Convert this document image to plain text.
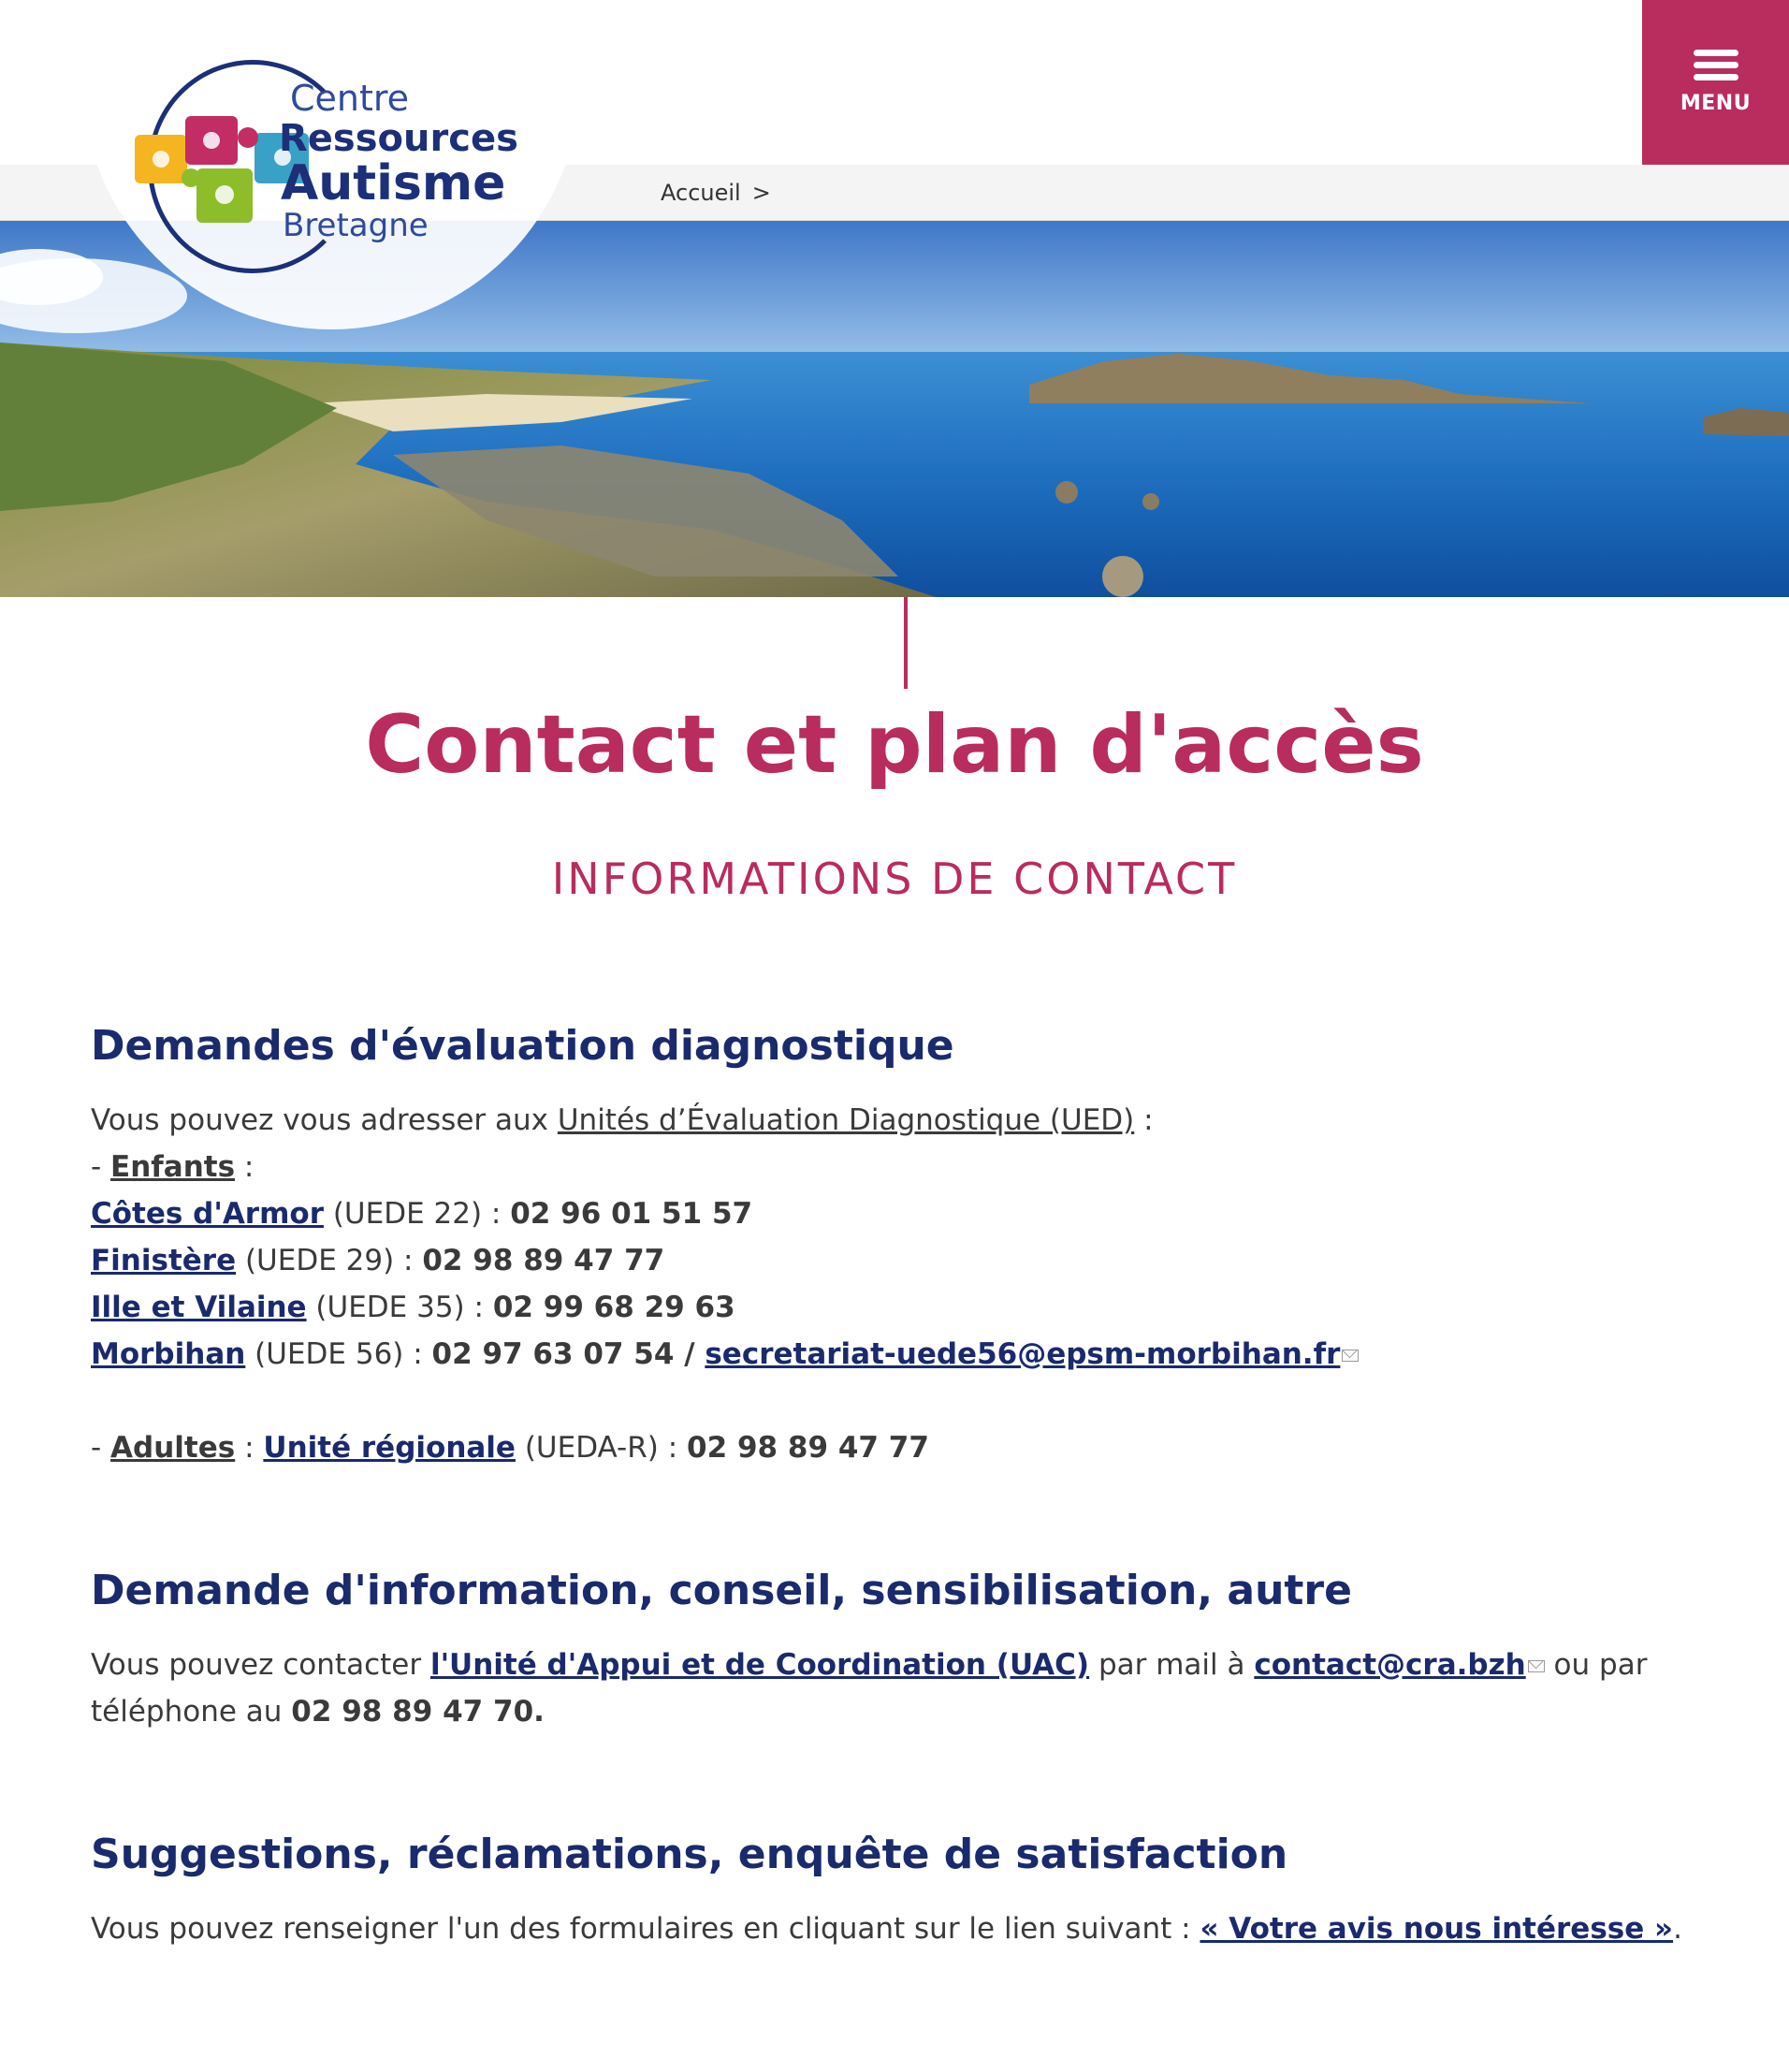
Centre
Ressources
Autisme
Bretagne
Accueil >
MENU
Contact et plan d'accès
INFORMATIONS DE CONTACT
Demandes d'évaluation diagnostique

Vous pouvez vous adresser aux Unités d’Évaluation Diagnostique (UED) :

- Enfants :

Côtes d'Armor (UEDE 22) : 02 96 01 51 57

Finistère (UEDE 29) : 02 98 89 47 77

Ille et Vilaine (UEDE 35) : 02 99 68 29 63

Morbihan (UEDE 56) : 02 97 63 07 54 / secretariat-uede56@epsm-morbihan.fr

- Adultes : Unité régionale (UEDA-R) : 02 98 89 47 77

Demande d'information, conseil, sensibilisation, autre

Vous pouvez contacter l'Unité d'Appui et de Coordination (UAC) par mail à contact@cra.bzh ou par téléphone au 02 98 89 47 70.

Suggestions, réclamations, enquête de satisfaction

Vous pouvez renseigner l'un des formulaires en cliquant sur le lien suivant : « Votre avis nous intéresse ».
